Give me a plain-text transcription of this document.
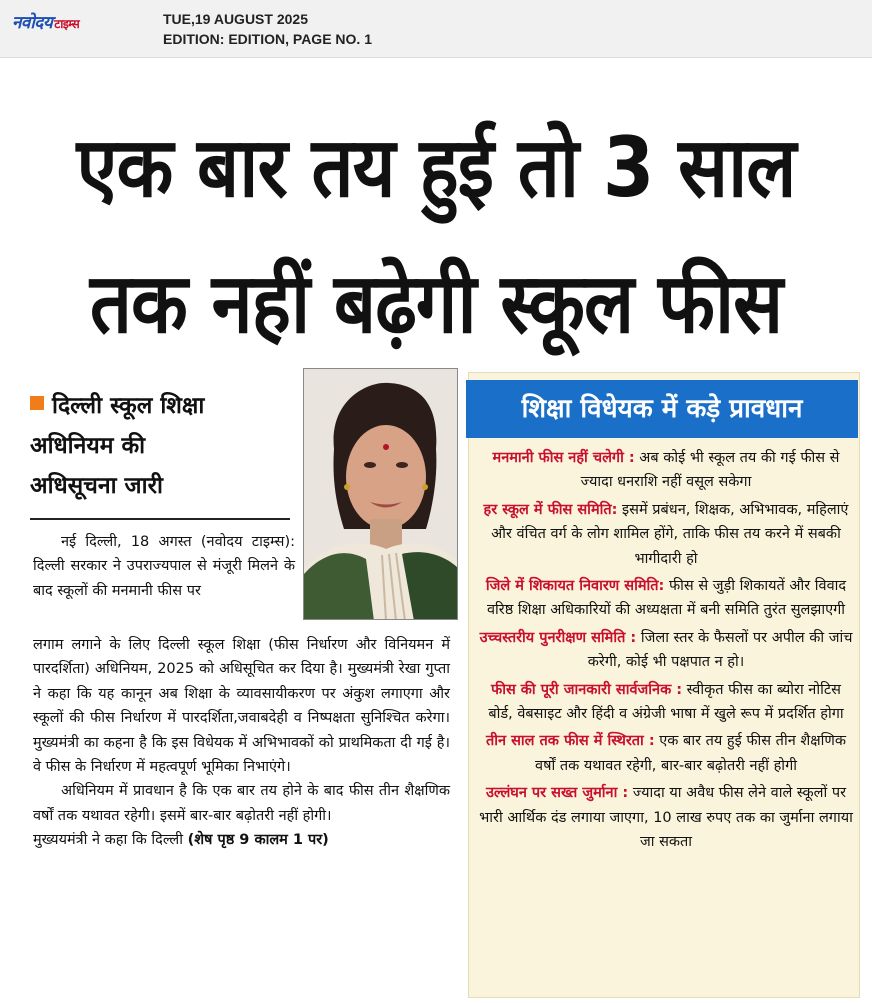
नवोदय टाइम्स	TUE,19 AUGUST 2025
EDITION: EDITION, PAGE NO. 1
एक बार तय हुई तो 3 साल
तक नहीं बढ़ेगी स्कूल फीस
दिल्ली स्कूल शिक्षा
अधिनियम की
अधिसूचना जारी

नई दिल्ली, 18 अगस्त (नवोदय टाइम्स): दिल्ली सरकार ने उपराज्यपाल से मंजूरी मिलने के बाद स्कूलों की मनमानी फीस पर

लगाम लगाने के लिए दिल्ली स्कूल शिक्षा (फीस निर्धारण और विनियमन में पारदर्शिता) अधिनियम, 2025 को अधिसूचित कर दिया है। मुख्यमंत्री रेखा गुप्ता ने कहा कि यह कानून अब शिक्षा के व्यावसायीकरण पर अंकुश लगाएगा और स्कूलों की फीस निर्धारण में पारदर्शिता,जवाबदेही व निष्पक्षता सुनिश्चित करेगा। मुख्यमंत्री का कहना है कि इस विधेयक में अभिभावकों को प्राथमिकता दी गई है। वे फीस के निर्धारण में महत्वपूर्ण भूमिका निभाएंगे।

अधिनियम में प्रावधान है कि एक बार तय होने के बाद फीस तीन शैक्षणिक वर्षों तक यथावत रहेगी। इसमें बार-बार बढ़ोतरी नहीं होगी।

मुख्ययमंत्री ने कहा कि दिल्ली (शेष पृष्ठ 9 कालम 1 पर)

शिक्षा विधेयक में कड़े प्रावधान
मनमानी फीस नहीं चलेगी : अब कोई भी स्कूल तय की गई फीस से ज्यादा धनराशि नहीं वसूल सकेगा
हर स्कूल में फीस समिति: इसमें प्रबंधन, शिक्षक, अभिभावक, महिलाएं और वंचित वर्ग के लोग शामिल होंगे, ताकि फीस तय करने में सबकी भागीदारी हो
जिले में शिकायत निवारण समिति: फीस से जुड़ी शिकायतें और विवाद वरिष्ठ शिक्षा अधिकारियों की अध्यक्षता में बनी समिति तुरंत सुलझाएगी
उच्चस्तरीय पुनरीक्षण समिति : जिला स्तर के फैसलों पर अपील की जांच करेगी, कोई भी पक्षपात न हो।
फीस की पूरी जानकारी सार्वजनिक : स्वीकृत फीस का ब्योरा नोटिस बोर्ड, वेबसाइट और हिंदी व अंग्रेजी भाषा में खुले रूप में प्रदर्शित होगा
तीन साल तक फीस में स्थिरता : एक बार तय हुई फीस तीन शैक्षणिक वर्षों तक यथावत रहेगी, बार-बार बढ़ोतरी नहीं होगी
उल्लंघन पर सख्त जुर्माना : ज्यादा या अवैध फीस लेने वाले स्कूलों पर भारी आर्थिक दंड लगाया जाएगा, 10 लाख रुपए तक का जुर्माना लगाया जा सकता
